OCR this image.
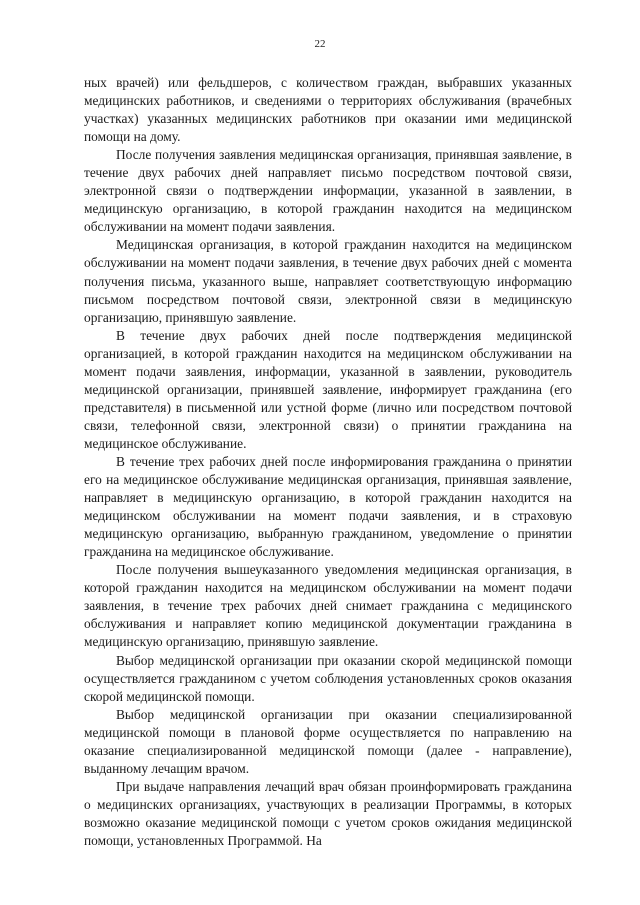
22

ных врачей) или фельдшеров, с количеством граждан, выбравших указанных медицинских работников, и сведениями о территориях обслуживания (врачебных участках) указанных медицинских работников при оказании ими медицинской помощи на дому.

После получения заявления медицинская организация, принявшая заявление, в течение двух рабочих дней направляет письмо посредством почтовой связи, электронной связи о подтверждении информации, указанной в заявлении, в медицинскую организацию, в которой гражданин находится на медицинском обслуживании на момент подачи заявления.

Медицинская организация, в которой гражданин находится на медицинском обслуживании на момент подачи заявления, в течение двух рабочих дней с момента получения письма, указанного выше, направляет соответствующую информацию письмом посредством почтовой связи, электронной связи в медицинскую организацию, принявшую заявление.

В течение двух рабочих дней после подтверждения медицинской организацией, в которой гражданин находится на медицинском обслуживании на момент подачи заявления, информации, указанной в заявлении, руководитель медицинской организации, принявшей заявление, информирует гражданина (его представителя) в письменной или устной форме (лично или посредством почтовой связи, телефонной связи, электронной связи) о принятии гражданина на медицинское обслуживание.

В течение трех рабочих дней после информирования гражданина о принятии его на медицинское обслуживание медицинская организация, принявшая заявление, направляет в медицинскую организацию, в которой гражданин находится на медицинском обслуживании на момент подачи заявления, и в страховую медицинскую организацию, выбранную гражданином, уведомление о принятии гражданина на медицинское обслуживание.

После получения вышеуказанного уведомления медицинская организация, в которой гражданин находится на медицинском обслуживании на момент подачи заявления, в течение трех рабочих дней снимает гражданина с медицинского обслуживания и направляет копию медицинской документации гражданина в медицинскую организацию, принявшую заявление.

Выбор медицинской организации при оказании скорой медицинской помощи осуществляется гражданином с учетом соблюдения установленных сроков оказания скорой медицинской помощи.

Выбор медицинской организации при оказании специализированной медицинской помощи в плановой форме осуществляется по направлению на оказание специализированной медицинской помощи (далее - направление), выданному лечащим врачом.

При выдаче направления лечащий врач обязан проинформировать гражданина о медицинских организациях, участвующих в реализации Программы, в которых возможно оказание медицинской помощи с учетом сроков ожидания медицинской помощи, установленных Программой. На
